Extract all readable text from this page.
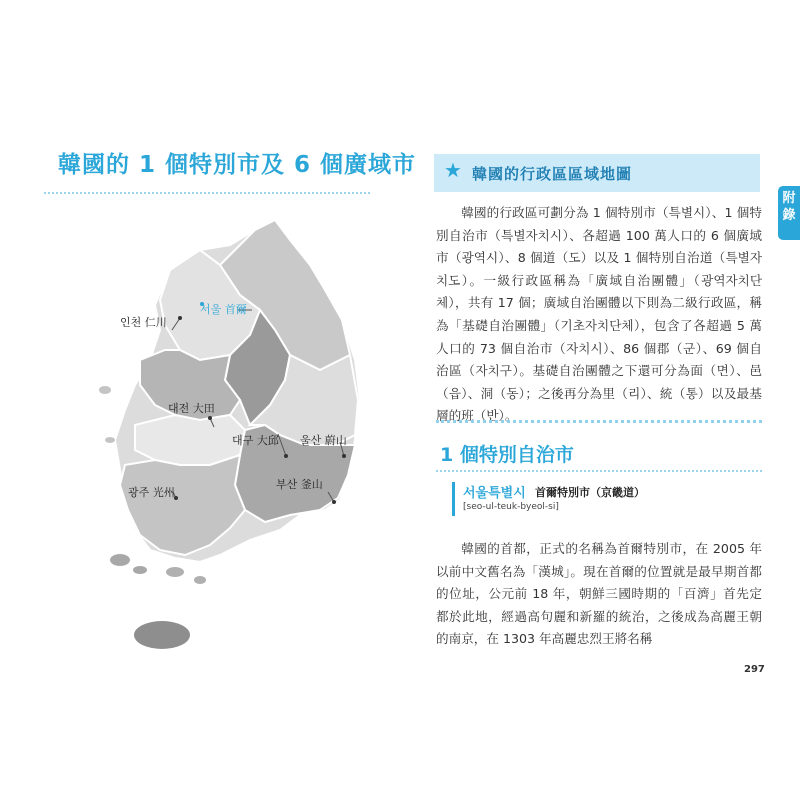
韓國的 1 個特別市及 6 個廣域市
서울 首爾
인천 仁川
대전 大田
대구 大邱 울산 蔚山
광주 光州
부산 釜山
★ 韓國的行政區區域地圖
附錄

韓國的行政區可劃分為 1 個特別市（특별시）、1 個特別自治市（특별자치시）、各超過 100 萬人口的 6 個廣域市（광역시）、8 個道（도）以及 1 個特別自治道（특별자치도）。一級行政區稱為「廣域自治團體」（광역자치단체），共有 17 個；廣域自治團體以下則為二級行政區，稱為「基礎自治團體」（기초자치단체），包含了各超過 5 萬人口的 73 個自治市（자치시）、86 個郡（군）、69 個自治區（자치구）。基礎自治團體之下還可分為面（면）、邑（읍）、洞（동）；之後再分為里（리）、統（통）以及最基層的班（반）。

1 個特別自治市
서울특별시 首爾特別市（京畿道）
[seo-ul-teuk-byeol-si]

韓國的首都，正式的名稱為首爾特別市，在 2005 年以前中文舊名為「漢城」。現在首爾的位置就是最早期首都的位址，公元前 18 年，朝鮮三國時期的「百濟」首先定都於此地，經過高句麗和新羅的統治，之後成為高麗王朝的南京，在 1303 年高麗忠烈王將名稱

297
